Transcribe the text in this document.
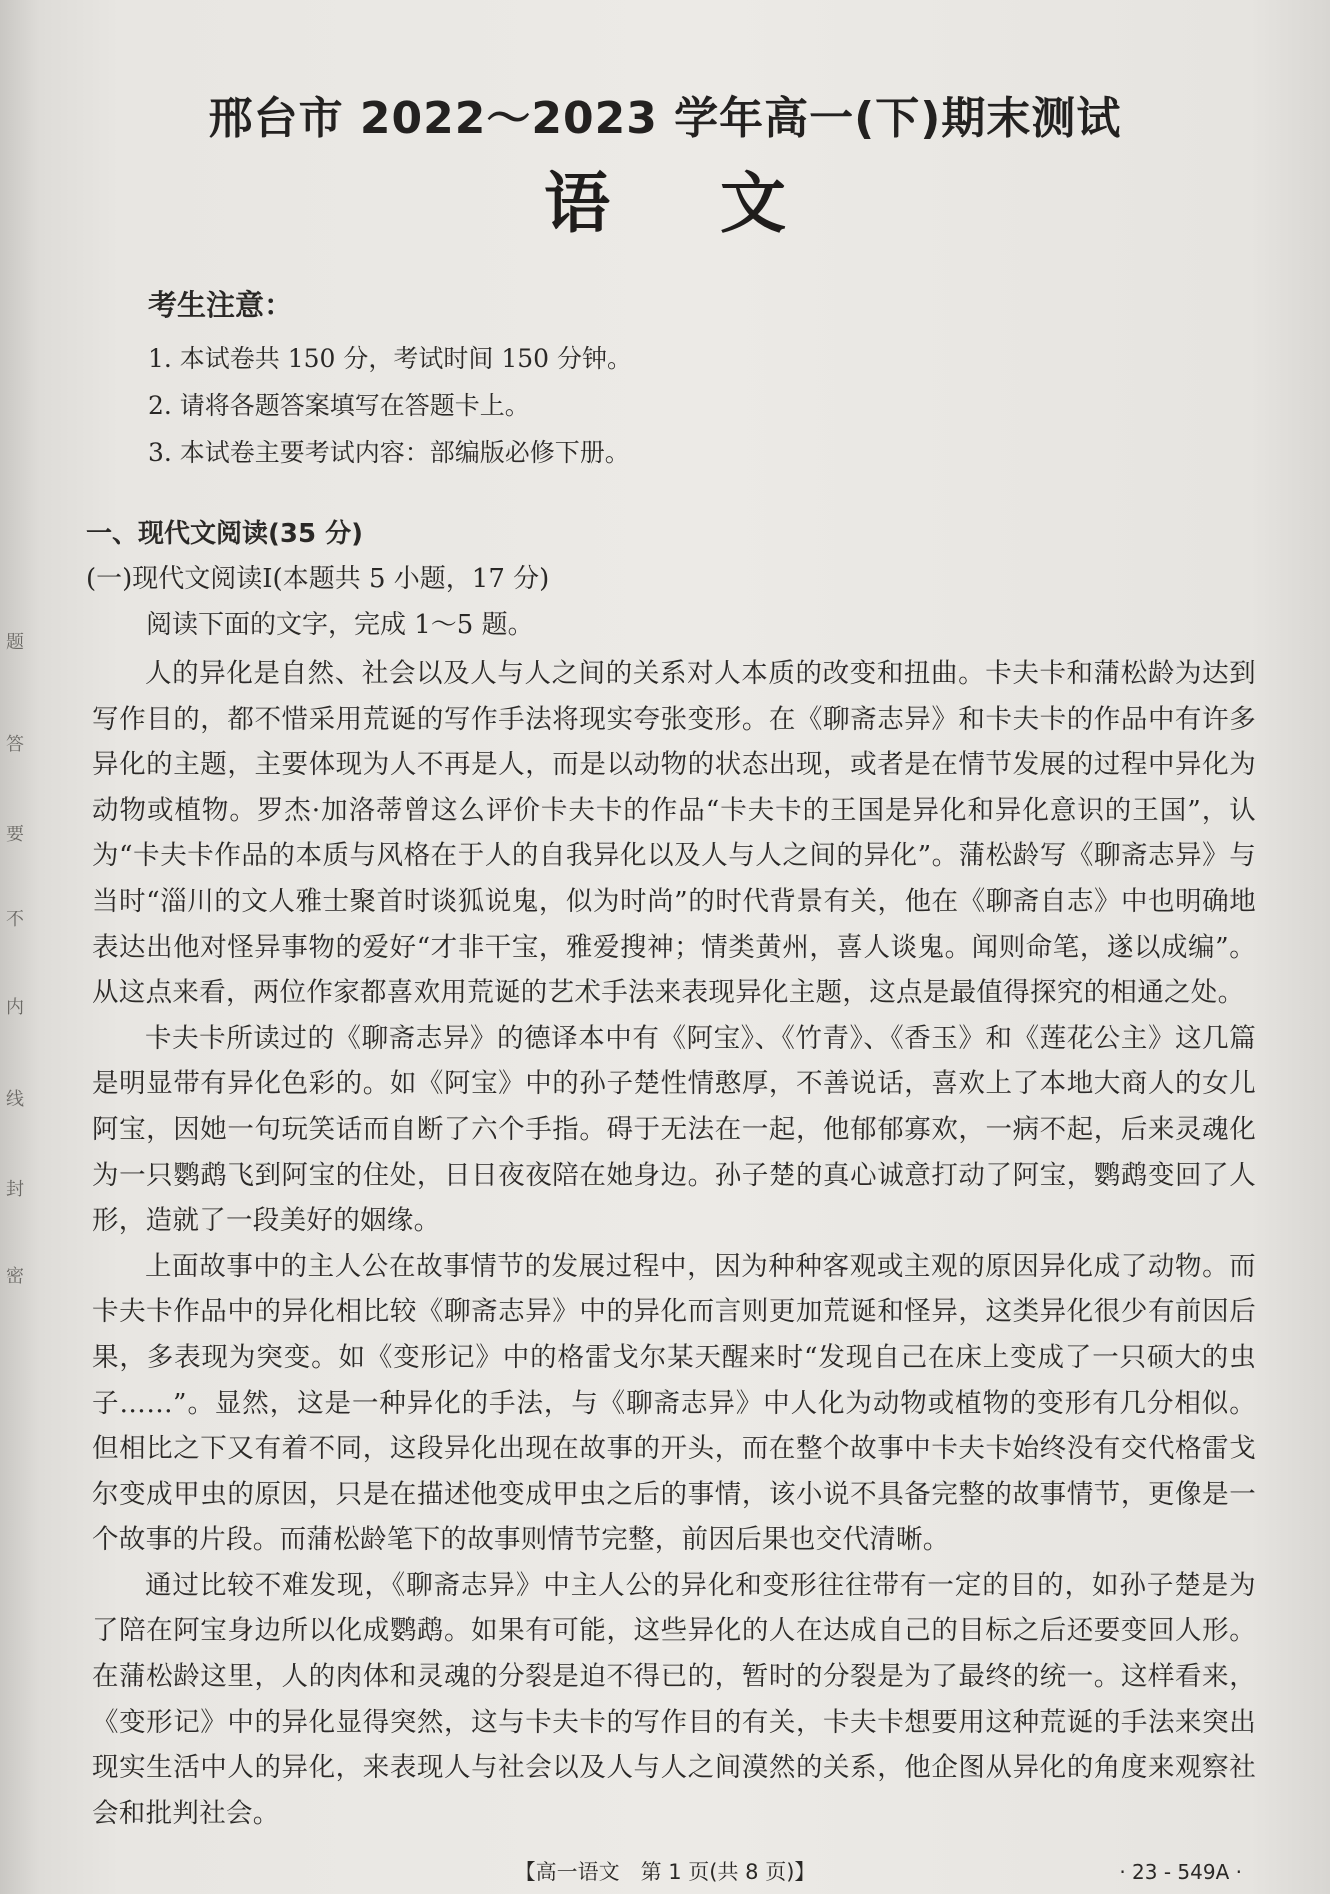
题
答
要
不
内
线
封
密
邢台市 2022～2023 学年高一(下)期末测试
语文
考生注意：
1. 本试卷共 150 分，考试时间 150 分钟。
2. 请将各题答案填写在答题卡上。
3. 本试卷主要考试内容：部编版必修下册。
一、现代文阅读(35 分)
(一)现代文阅读Ⅰ(本题共 5 小题，17 分)
阅读下面的文字，完成 1～5 题。

人的异化是自然、社会以及人与人之间的关系对人本质的改变和扭曲。卡夫卡和蒲松龄为达到写作目的，都不惜采用荒诞的写作手法将现实夸张变形。在《聊斋志异》和卡夫卡的作品中有许多异化的主题，主要体现为人不再是人，而是以动物的状态出现，或者是在情节发展的过程中异化为动物或植物。罗杰·加洛蒂曾这么评价卡夫卡的作品“卡夫卡的王国是异化和异化意识的王国”，认为“卡夫卡作品的本质与风格在于人的自我异化以及人与人之间的异化”。蒲松龄写《聊斋志异》与当时“淄川的文人雅士聚首时谈狐说鬼，似为时尚”的时代背景有关，他在《聊斋自志》中也明确地表达出他对怪异事物的爱好“才非干宝，雅爱搜神；情类黄州，喜人谈鬼。闻则命笔，遂以成编”。从这点来看，两位作家都喜欢用荒诞的艺术手法来表现异化主题，这点是最值得探究的相通之处。

卡夫卡所读过的《聊斋志异》的德译本中有《阿宝》、《竹青》、《香玉》和《莲花公主》这几篇是明显带有异化色彩的。如《阿宝》中的孙子楚性情憨厚，不善说话，喜欢上了本地大商人的女儿阿宝，因她一句玩笑话而自断了六个手指。碍于无法在一起，他郁郁寡欢，一病不起，后来灵魂化为一只鹦鹉飞到阿宝的住处，日日夜夜陪在她身边。孙子楚的真心诚意打动了阿宝，鹦鹉变回了人形，造就了一段美好的姻缘。

上面故事中的主人公在故事情节的发展过程中，因为种种客观或主观的原因异化成了动物。而卡夫卡作品中的异化相比较《聊斋志异》中的异化而言则更加荒诞和怪异，这类异化很少有前因后果，多表现为突变。如《变形记》中的格雷戈尔某天醒来时“发现自己在床上变成了一只硕大的虫子……”。显然，这是一种异化的手法，与《聊斋志异》中人化为动物或植物的变形有几分相似。但相比之下又有着不同，这段异化出现在故事的开头，而在整个故事中卡夫卡始终没有交代格雷戈尔变成甲虫的原因，只是在描述他变成甲虫之后的事情，该小说不具备完整的故事情节，更像是一个故事的片段。而蒲松龄笔下的故事则情节完整，前因后果也交代清晰。

通过比较不难发现，《聊斋志异》中主人公的异化和变形往往带有一定的目的，如孙子楚是为了陪在阿宝身边所以化成鹦鹉。如果有可能，这些异化的人在达成自己的目标之后还要变回人形。在蒲松龄这里，人的肉体和灵魂的分裂是迫不得已的，暂时的分裂是为了最终的统一。这样看来，《变形记》中的异化显得突然，这与卡夫卡的写作目的有关，卡夫卡想要用这种荒诞的手法来突出现实生活中人的异化，来表现人与社会以及人与人之间漠然的关系，他企图从异化的角度来观察社会和批判社会。

【高一语文　第 1 页(共 8 页)】	· 23 - 549A ·
